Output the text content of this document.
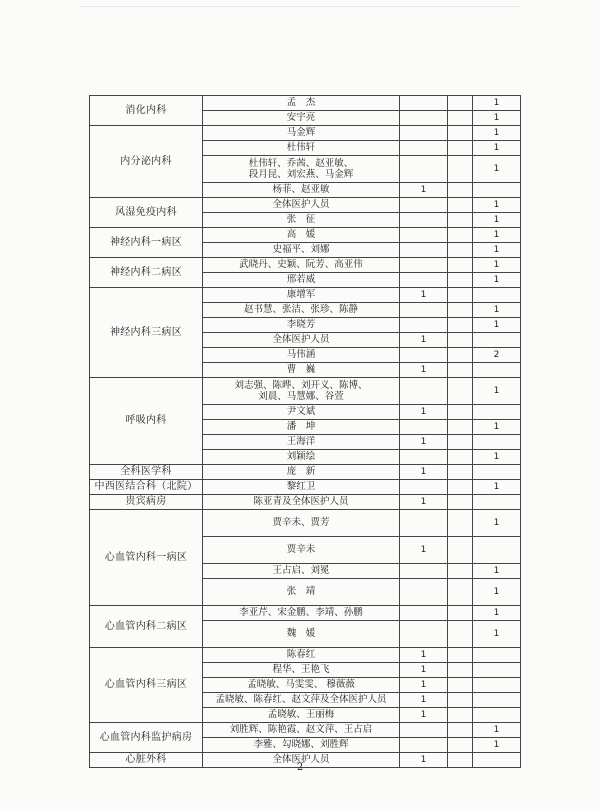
消化内科	孟　杰			1
	安宇亮			1
内分泌内科	马金辉			1
	杜伟轩			1
	杜伟轩、乔茜、赵亚敏、
段月昆、刘宏燕、马金辉			1
	杨菲、赵亚敏	1		
风湿免疫内科	全体医护人员			1
	张　征			1
神经内科一病区	高　媛			1
	史福平、刘娜			1
神经内科二病区	武晓丹、史颖、阮芳、高亚伟			1
	邢若威			1
神经内科三病区	康增军	1		
	赵书慧、张洁、张珍、陈静			1
	李晓芳			1
	全体医护人员	1		
	马伟涵			2
	曹　巍	1		
呼吸内科	刘志强、陈晔、刘开义、陈博、
刘晨、马慧娜、谷萱			1
	尹文斌	1		
	潘　坤			1
	王海洋	1		
	刘颖绘			1
全科医学科	庞　新	1		
中西医结合科（北院）	黎红卫			1
贵宾病房	陈亚青及全体医护人员	1		
心血管内科一病区	贾辛未、贾芳			1
	贾辛未	1		
	王占启、刘冕			1
	张　靖			1
心血管内科二病区	李亚芹、宋金鹏、李靖、孙鹏			1
	魏　媛			1
心血管内科三病区	陈春红	1		
	程华、王艳飞	1		
	孟晓敏、马雯雯、 穆薇薇	1		
	孟晓敏、陈春红、赵文萍及全体医护人员	1		
	孟晓敏、王丽梅	1		
心血管内科监护病房	刘胜辉、陈艳霞、赵文萍、王占启			1
	李雅、勾晓娜、刘胜辉			1
心脏外科	全体医护人员	1		
2
